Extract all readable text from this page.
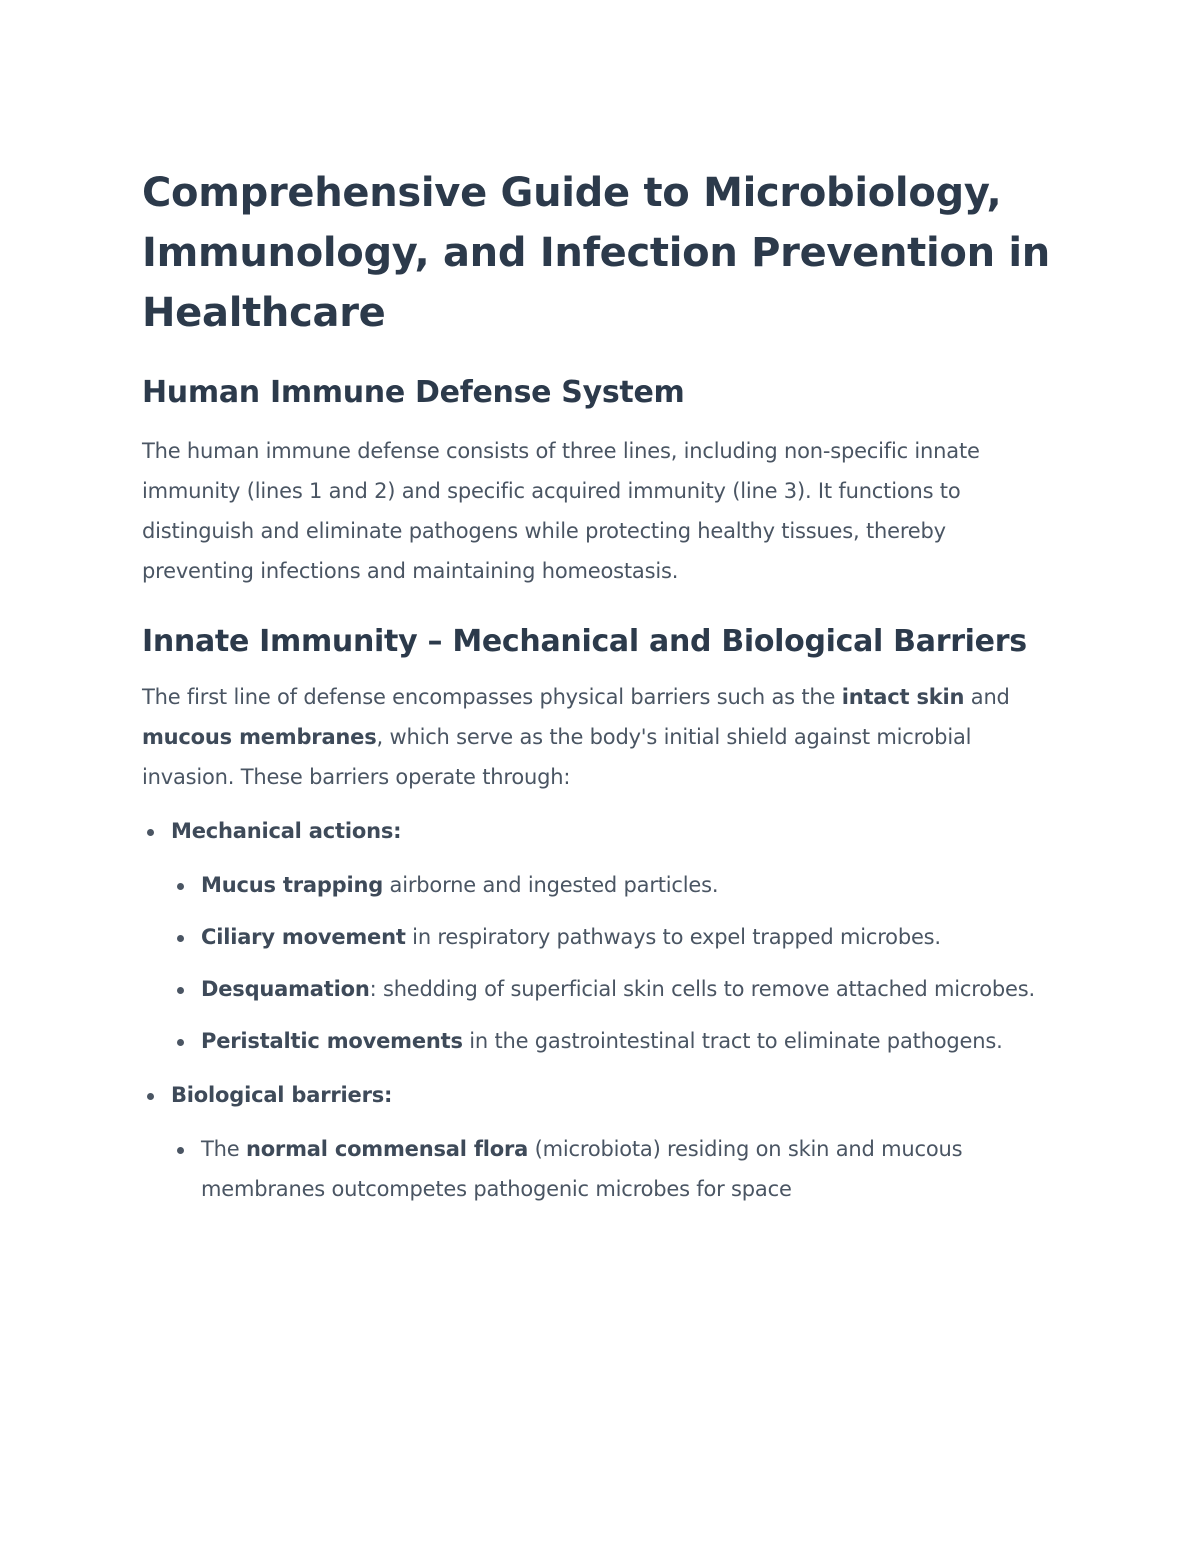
Comprehensive Guide to Microbiology, Immunology, and Infection Prevention in Healthcare
Human Immune Defense System

The human immune defense consists of three lines, including non-specific innate immunity (lines 1 and 2) and specific acquired immunity (line 3). It functions to distinguish and eliminate pathogens while protecting healthy tissues, thereby preventing infections and maintaining homeostasis.

Innate Immunity – Mechanical and Biological Barriers

The first line of defense encompasses physical barriers such as the intact skin and mucous membranes, which serve as the body's initial shield against microbial invasion. These barriers operate through:

Mechanical actions:
Mucus trapping airborne and ingested particles.
Ciliary movement in respiratory pathways to expel trapped microbes.
Desquamation: shedding of superficial skin cells to remove attached microbes.
Peristaltic movements in the gastrointestinal tract to eliminate pathogens.
Biological barriers:
The normal commensal flora (microbiota) residing on skin and mucous membranes outcompetes pathogenic microbes for space
